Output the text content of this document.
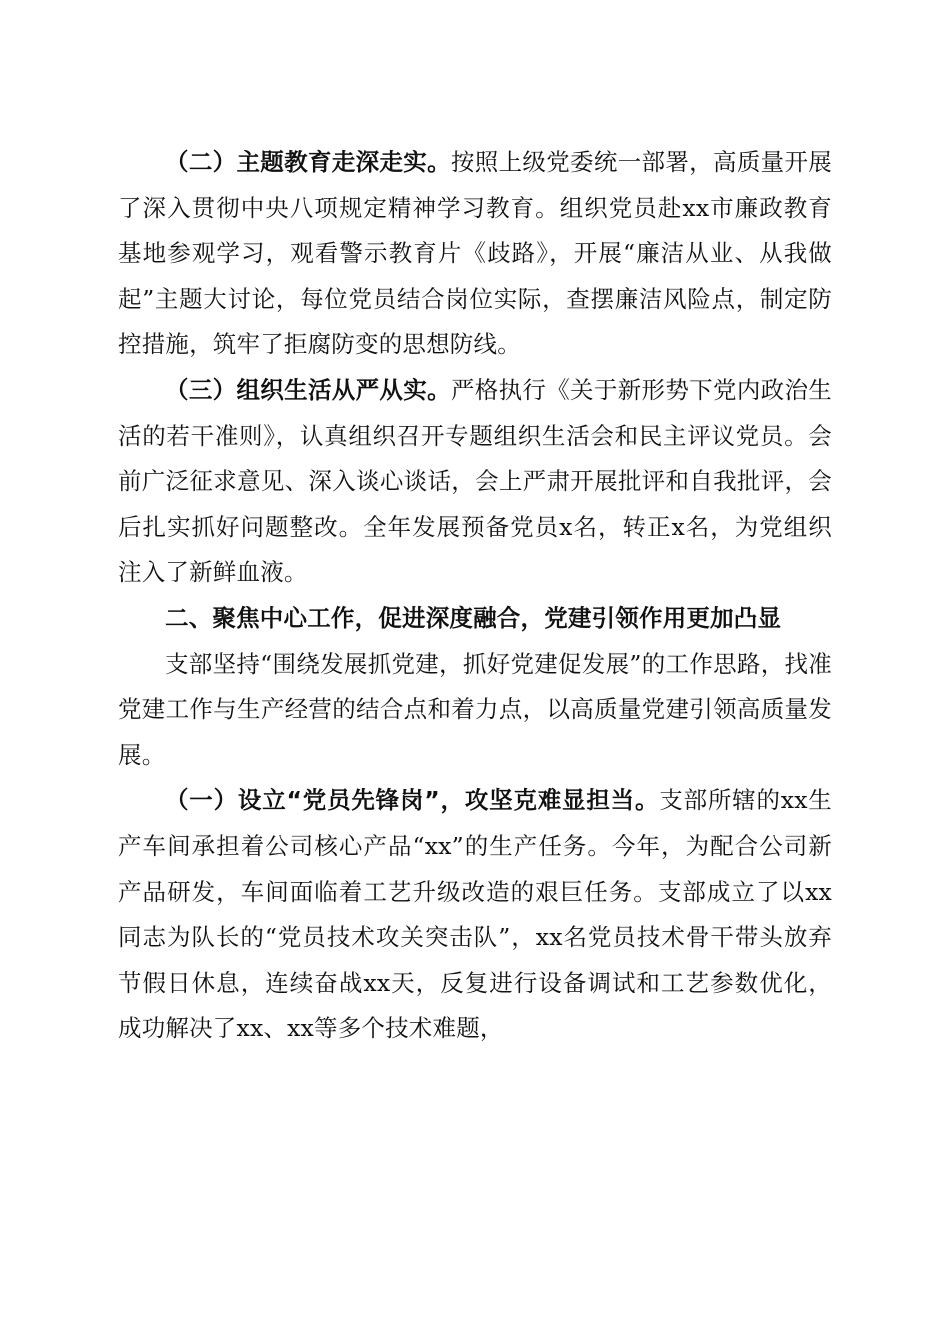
（二）主题教育走深走实。按照上级党委统一部署，高质量开展了深入贯彻中央八项规定精神学习教育。组织党员赴xx市廉政教育基地参观学习，观看警示教育片《歧路》，开展“廉洁从业、从我做起”主题大讨论，每位党员结合岗位实际，查摆廉洁风险点，制定防控措施，筑牢了拒腐防变的思想防线。

（三）组织生活从严从实。严格执行《关于新形势下党内政治生活的若干准则》，认真组织召开专题组织生活会和民主评议党员。会前广泛征求意见、深入谈心谈话，会上严肃开展批评和自我批评，会后扎实抓好问题整改。全年发展预备党员x名，转正x名，为党组织注入了新鲜血液。

二、聚焦中心工作，促进深度融合，党建引领作用更加凸显

支部坚持“围绕发展抓党建，抓好党建促发展”的工作思路，找准党建工作与生产经营的结合点和着力点，以高质量党建引领高质量发展。

（一）设立“党员先锋岗”，攻坚克难显担当。支部所辖的xx生产车间承担着公司核心产品“xx”的生产任务。今年，为配合公司新产品研发，车间面临着工艺升级改造的艰巨任务。支部成立了以xx同志为队长的“党员技术攻关突击队”，xx名党员技术骨干带头放弃节假日休息，连续奋战xx天，反复进行设备调试和工艺参数优化，成功解决了xx、xx等多个技术难题，
